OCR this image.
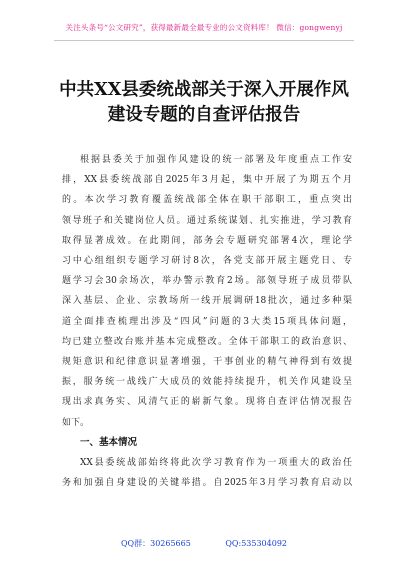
关注头条号“公文研究”，获得最新最全最专业的公文资料库！ 微信：gongwenyj
中共XX县委统战部关于深入开展作风
建设专题的自查评估报告

根据县委关于加强作风建设的统一部署及年度重点工作安
排，XX县委统战部自2025年3月起，集中开展了为期五个月
的。本次学习教育覆盖统战部全体在职干部职工，重点突出
领导班子和关键岗位人员。通过系统谋划、扎实推进，学习教育
取得显著成效。在此期间，部务会专题研究部署4次，理论学
习中心组组织专题学习研讨8次，各党支部开展主题党日、专
题学习会30余场次，举办警示教育2场。部领导班子成员带队
深入基层、企业、宗教场所一线开展调研18批次，通过多种渠
道全面排查梳理出涉及“四风”问题的3大类15项具体问题，
均已建立整改台账并基本完成整改。全体干部职工的政治意识、
规矩意识和纪律意识显著增强，干事创业的精气神得到有效提
振，服务统一战线广大成员的效能持续提升，机关作风建设呈
现出求真务实、风清气正的崭新气象。现将自查评估情况报告
如下。

一、基本情况

XX县委统战部始终将此次学习教育作为一项重大的政治任
务和加强自身建设的关键举措。自2025年3月学习教育启动以

QQ群：30265665	QQ:535304092
